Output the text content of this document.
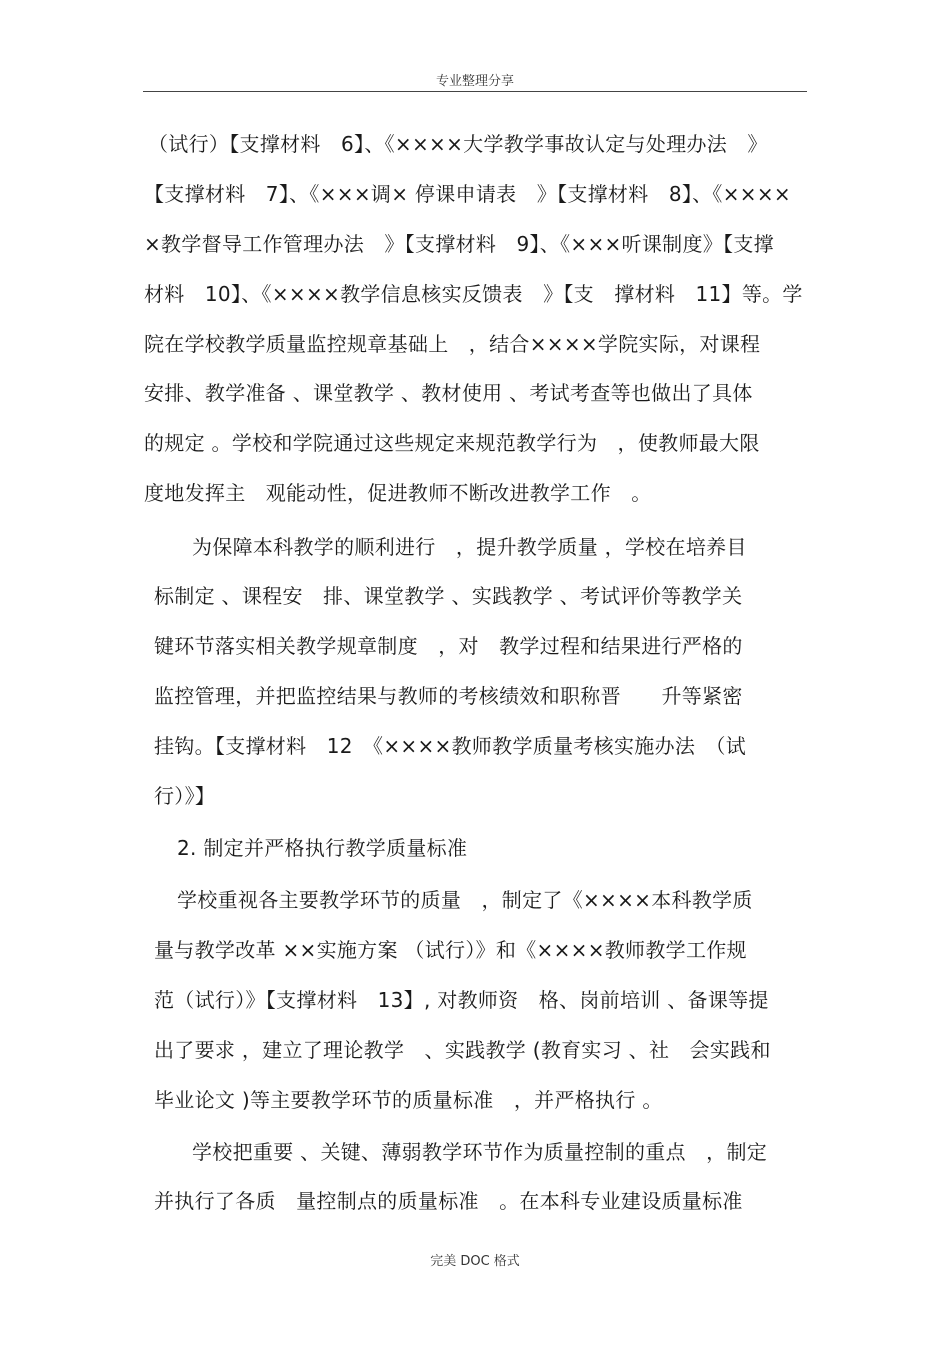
专业整理分享
（试行）【支撑材料　6】、《××××大学教学事故认定与处理办法　》
【支撑材料　7】、《×××调× 停课申请表　》【支撑材料　8】、《××××
×教学督导工作管理办法　》【支撑材料　9】、《×××听课制度》【支撑
材料　10】、《××××教学信息核实反馈表　》【支　撑材料　11】等。学
院在学校教学质量监控规章基础上　，结合××××学院实际，对课程
安排、教学准备 、课堂教学 、教材使用 、考试考查等也做出了具体
的规定 。学校和学院通过这些规定来规范教学行为　，使教师最大限
度地发挥主　观能动性，促进教师不断改进教学工作　。
为保障本科教学的顺利进行　，提升教学质量 ，学校在培养目
标制定 、课程安　排、课堂教学 、实践教学 、考试评价等教学关
键环节落实相关教学规章制度　，对　教学过程和结果进行严格的
监控管理，并把监控结果与教师的考核绩效和职称晋　　升等紧密
挂钩。【支撑材料　12　《××××教师教学质量考核实施办法　（试
行）》】
2. 制定并严格执行教学质量标准
学校重视各主要教学环节的质量　，制定了《××××本科教学质
量与教学改革 ××实施方案 （试行）》和《××××教师教学工作规
范（试行）》【支撑材料　13】, 对教师资　格、岗前培训 、备课等提
出了要求 ，建立了理论教学　、实践教学 (教育实习 、社　会实践和
毕业论文 )等主要教学环节的质量标准　，并严格执行 。
学校把重要 、关键、薄弱教学环节作为质量控制的重点　，制定
并执行了各质　量控制点的质量标准　。在本科专业建设质量标准
完美 DOC 格式
